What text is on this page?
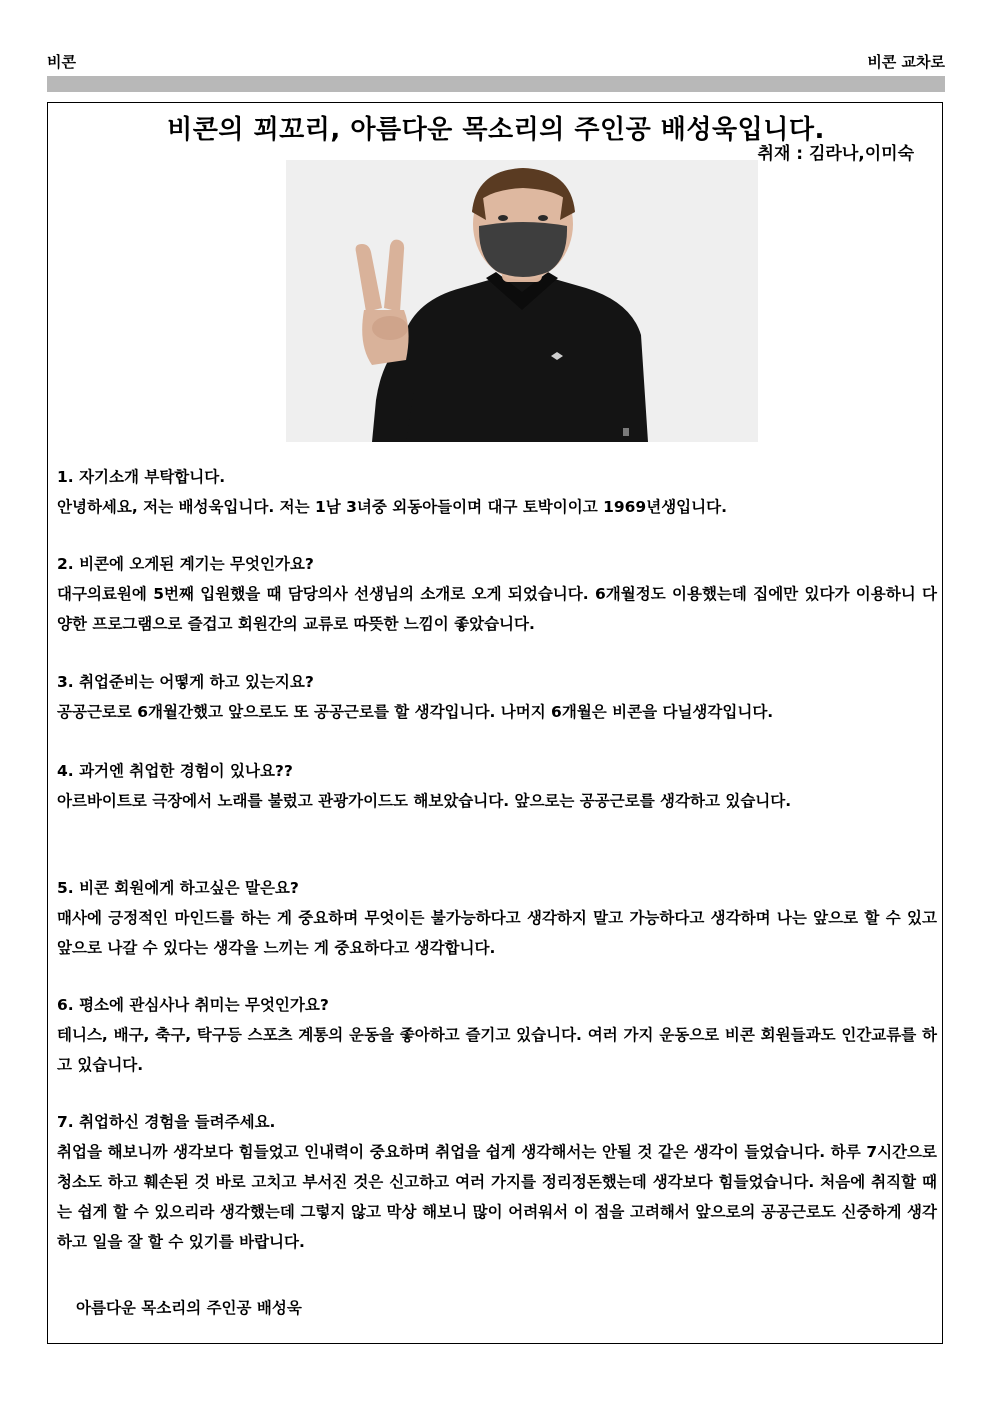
비콘	비콘 교차로
비콘의 꾀꼬리, 아름다운 목소리의 주인공 배성욱입니다.
취재 : 김라나,이미숙
1. 자기소개 부탁합니다.
안녕하세요, 저는 배성욱입니다. 저는 1남 3녀중 외동아들이며 대구 토박이이고 1969년생입니다.
2. 비콘에 오게된 계기는 무엇인가요?
대구의료원에 5번째 입원했을 때 담당의사 선생님의 소개로 오게 되었습니다. 6개월정도 이용했는데 집에만 있다가 이용하니 다양한 프로그램으로 즐겁고 회원간의 교류로 따뜻한 느낌이 좋았습니다.
3. 취업준비는 어떻게 하고 있는지요?
공공근로로 6개월간했고 앞으로도 또 공공근로를 할 생각입니다. 나머지 6개월은 비콘을 다닐생각입니다.
4. 과거엔 취업한 경험이 있나요??
아르바이트로 극장에서 노래를 불렀고 관광가이드도 해보았습니다. 앞으로는 공공근로를 생각하고 있습니다.
5. 비콘 회원에게 하고싶은 말은요?
매사에 긍정적인 마인드를 하는 게 중요하며 무엇이든 불가능하다고 생각하지 말고 가능하다고 생각하며 나는 앞으로 할 수 있고 앞으로 나갈 수 있다는 생각을 느끼는 게 중요하다고 생각합니다.
6. 평소에 관심사나 취미는 무엇인가요?
테니스, 배구, 축구, 탁구등 스포츠 계통의 운동을 좋아하고 즐기고 있습니다. 여러 가지 운동으로 비콘 회원들과도 인간교류를 하고 있습니다.
7. 취업하신 경험을 들려주세요.
취업을 해보니까 생각보다 힘들었고 인내력이 중요하며 취업을 쉽게 생각해서는 안될 것 같은 생각이 들었습니다. 하루 7시간으로 청소도 하고 훼손된 것 바로 고치고 부서진 것은 신고하고 여러 가지를 정리정돈했는데 생각보다 힘들었습니다. 처음에 취직할 때는 쉽게 할 수 있으리라 생각했는데 그렇지 않고 막상 해보니 많이 어려워서 이 점을 고려해서 앞으로의 공공근로도 신중하게 생각하고 일을 잘 할 수 있기를 바랍니다.
아름다운 목소리의 주인공 배성욱
